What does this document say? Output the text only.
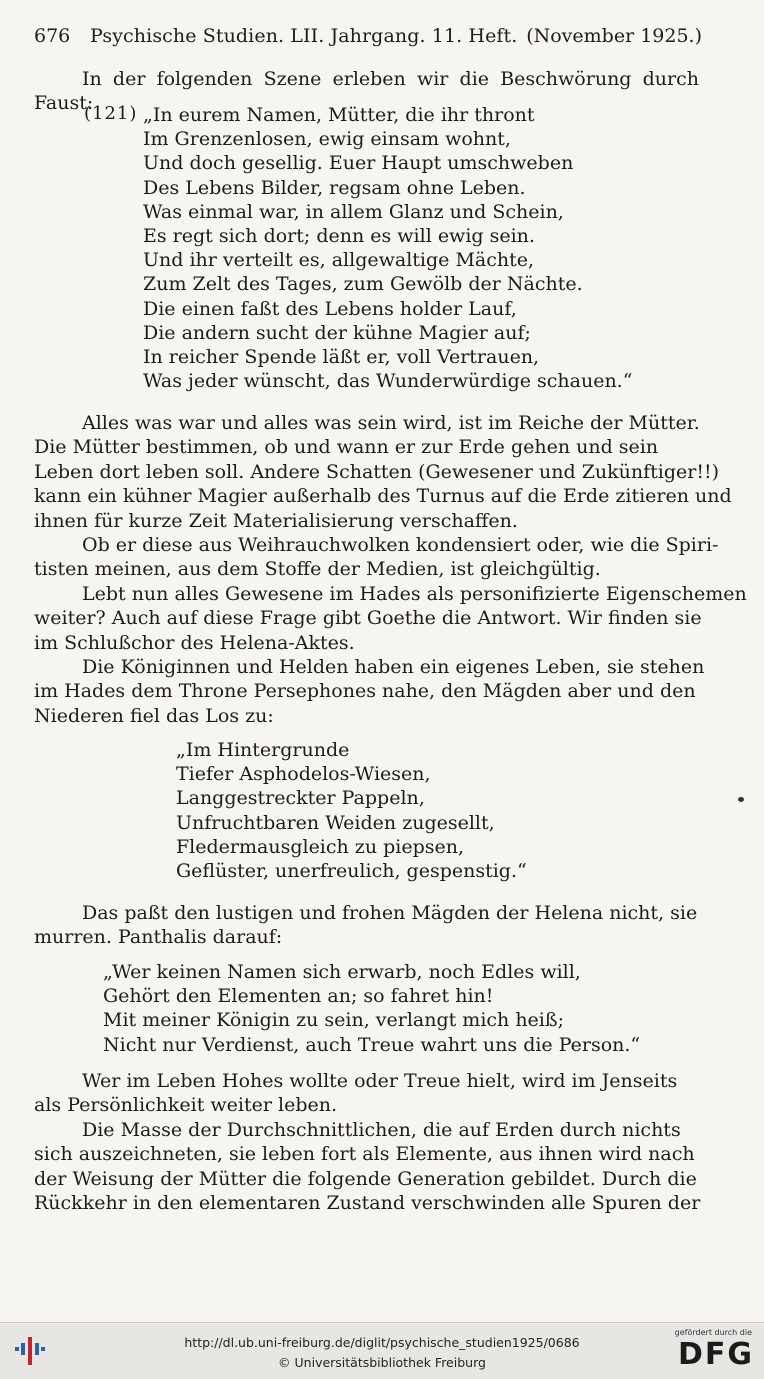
676 Psychische Studien. LII. Jahrgang. 11. Heft. (November 1925.)

In der folgenden Szene erleben wir die Beschwörung durch Faust:

(121) „In eurem Namen, Mütter, die ihr thront
Im Grenzenlosen, ewig einsam wohnt,
Und doch gesellig. Euer Haupt umschweben
Des Lebens Bilder, regsam ohne Leben.
Was einmal war, in allem Glanz und Schein,
Es regt sich dort; denn es will ewig sein.
Und ihr verteilt es, allgewaltige Mächte,
Zum Zelt des Tages, zum Gewölb der Nächte.
Die einen faßt des Lebens holder Lauf,
Die andern sucht der kühne Magier auf;
In reicher Spende läßt er, voll Vertrauen,
Was jeder wünscht, das Wunderwürdige schauen.“

Alles was war und alles was sein wird, ist im Reiche der Mütter.
Die Mütter bestimmen, ob und wann er zur Erde gehen und sein
Leben dort leben soll. Andere Schatten (Gewesener und Zukünftiger!!)
kann ein kühner Magier außerhalb des Turnus auf die Erde zitieren und
ihnen für kurze Zeit Materialisierung verschaffen.

Ob er diese aus Weihrauchwolken kondensiert oder, wie die Spiri-
tisten meinen, aus dem Stoffe der Medien, ist gleichgültig.

Lebt nun alles Gewesene im Hades als personifizierte Eigenschemen
weiter? Auch auf diese Frage gibt Goethe die Antwort. Wir finden sie
im Schlußchor des Helena-Aktes.

Die Königinnen und Helden haben ein eigenes Leben, sie stehen
im Hades dem Throne Persephones nahe, den Mägden aber und den
Niederen fiel das Los zu:

„Im Hintergrunde
Tiefer Asphodelos-Wiesen,
Langgestreckter Pappeln,
Unfruchtbaren Weiden zugesellt,
Fledermausgleich zu piepsen,
Geflüster, unerfreulich, gespenstig.“

Das paßt den lustigen und frohen Mägden der Helena nicht, sie
murren. Panthalis darauf:

„Wer keinen Namen sich erwarb, noch Edles will,
Gehört den Elementen an; so fahret hin!
Mit meiner Königin zu sein, verlangt mich heiß;
Nicht nur Verdienst, auch Treue wahrt uns die Person.“

Wer im Leben Hohes wollte oder Treue hielt, wird im Jenseits
als Persönlichkeit weiter leben.

Die Masse der Durchschnittlichen, die auf Erden durch nichts
sich auszeichneten, sie leben fort als Elemente, aus ihnen wird nach
der Weisung der Mütter die folgende Generation gebildet. Durch die
Rückkehr in den elementaren Zustand verschwinden alle Spuren der

http://dl.ub.uni-freiburg.de/diglit/psychische_studien1925/0686
© Universitätsbibliothek Freiburg
gefördert durch die
DFG
